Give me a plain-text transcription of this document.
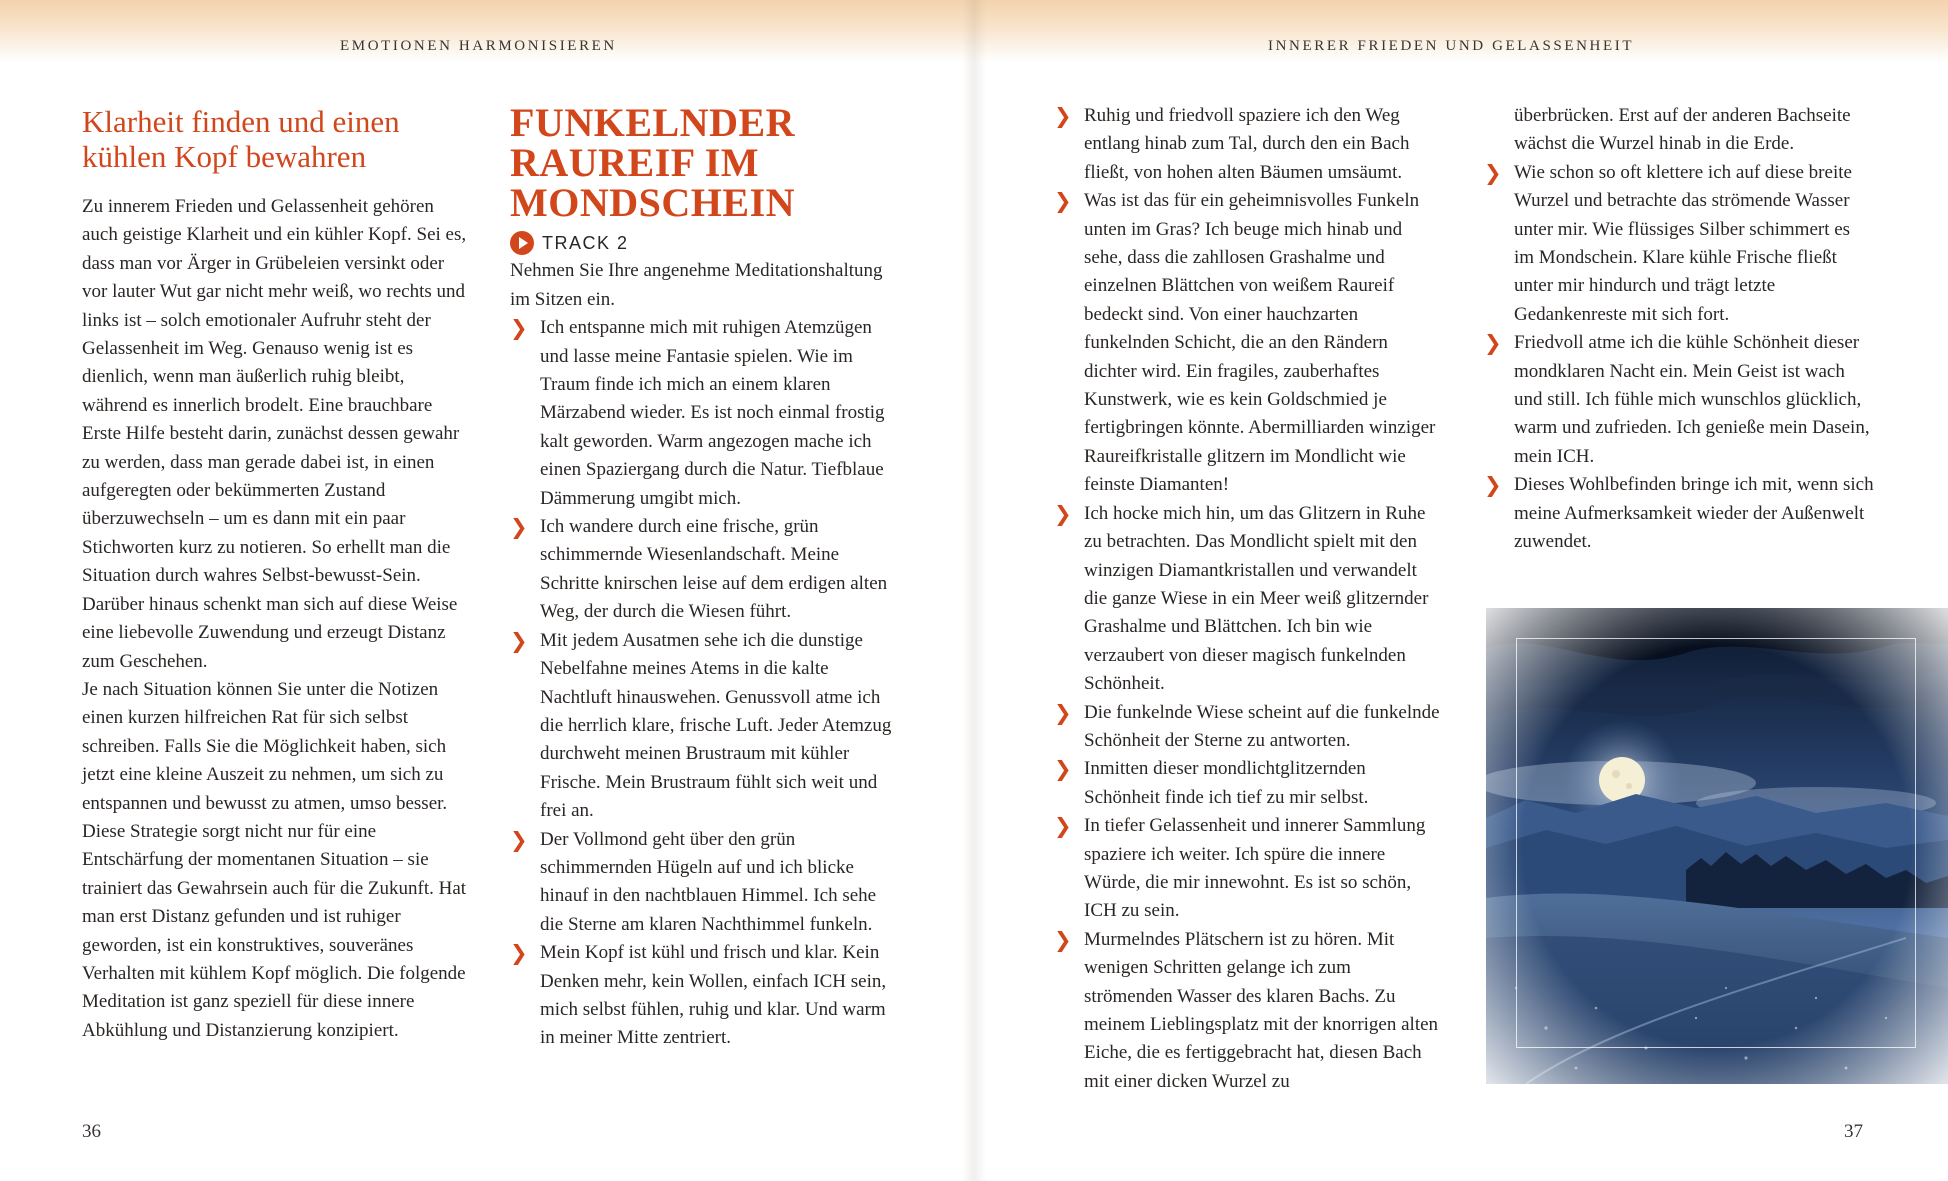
EMOTIONEN HARMONISIEREN
Klarheit finden und einen kühlen Kopf bewahren

Zu innerem Frieden und Gelassenheit gehören auch geistige Klarheit und ein kühler Kopf. Sei es, dass man vor Ärger in Grübeleien versinkt oder vor lauter Wut gar nicht mehr weiß, wo rechts und links ist – solch emotionaler Aufruhr steht der Gelassenheit im Weg. Genauso wenig ist es dienlich, wenn man äußerlich ruhig bleibt, während es innerlich brodelt. Eine brauchbare Erste Hilfe besteht darin, zunächst dessen gewahr zu werden, dass man gerade dabei ist, in einen aufgeregten oder bekümmerten Zustand überzuwechseln – um es dann mit ein paar Stichworten kurz zu notieren. So erhellt man die Situation durch wahres Selbst-bewusst-Sein. Darüber hinaus schenkt man sich auf diese Weise eine liebevolle Zuwendung und erzeugt Distanz zum Geschehen.

Je nach Situation können Sie unter die Notizen einen kurzen hilfreichen Rat für sich selbst schreiben. Falls Sie die Möglichkeit haben, sich jetzt eine kleine Auszeit zu nehmen, um sich zu entspannen und bewusst zu atmen, umso besser. Diese Strategie sorgt nicht nur für eine Entschärfung der momentanen Situation – sie trainiert das Gewahrsein auch für die Zukunft. Hat man erst Distanz gefunden und ist ruhiger geworden, ist ein konstruktives, souveränes Verhalten mit kühlem Kopf möglich. Die folgende Meditation ist ganz speziell für diese innere Abkühlung und Distanzierung konzipiert.

FUNKELNDER RAUREIF IM MONDSCHEIN
TRACK 2

Nehmen Sie Ihre angenehme Meditationshaltung im Sitzen ein.

❯ Ich entspanne mich mit ruhigen Atemzügen und lasse meine Fantasie spielen. Wie im Traum finde ich mich an einem klaren Märzabend wieder. Es ist noch einmal frostig kalt geworden. Warm angezogen mache ich einen Spaziergang durch die Natur. Tiefblaue Dämmerung umgibt mich.
❯ Ich wandere durch eine frische, grün schimmernde Wiesenlandschaft. Meine Schritte knirschen leise auf dem erdigen alten Weg, der durch die Wiesen führt.
❯ Mit jedem Ausatmen sehe ich die dunstige Nebelfahne meines Atems in die kalte Nachtluft hinauswehen. Genussvoll atme ich die herrlich klare, frische Luft. Jeder Atemzug durchweht meinen Brustraum mit kühler Frische. Mein Brustraum fühlt sich weit und frei an.
❯ Der Vollmond geht über den grün schimmernden Hügeln auf und ich blicke hinauf in den nachtblauen Himmel. Ich sehe die Sterne am klaren Nachthimmel funkeln.
❯ Mein Kopf ist kühl und frisch und klar. Kein Denken mehr, kein Wollen, einfach ICH sein, mich selbst fühlen, ruhig und klar. Und warm in meiner Mitte zentriert.
36
INNERER FRIEDEN UND GELASSENHEIT
❯ Ruhig und friedvoll spaziere ich den Weg entlang hinab zum Tal, durch den ein Bach fließt, von hohen alten Bäumen umsäumt.
❯ Was ist das für ein geheimnisvolles Funkeln unten im Gras? Ich beuge mich hinab und sehe, dass die zahllosen Grashalme und einzelnen Blättchen von weißem Raureif bedeckt sind. Von einer hauchzarten funkelnden Schicht, die an den Rändern dichter wird. Ein fragiles, zauberhaftes Kunstwerk, wie es kein Goldschmied je fertigbringen könnte. Abermilliarden winziger Raureifkristalle glitzern im Mondlicht wie feinste Diamanten!
❯ Ich hocke mich hin, um das Glitzern in Ruhe zu betrachten. Das Mondlicht spielt mit den winzigen Diamantkristallen und verwandelt die ganze Wiese in ein Meer weiß glitzernder Grashalme und Blättchen. Ich bin wie verzaubert von dieser magisch funkelnden Schönheit.
❯ Die funkelnde Wiese scheint auf die funkelnde Schönheit der Sterne zu antworten.
❯ Inmitten dieser mondlichtglitzernden Schönheit finde ich tief zu mir selbst.
❯ In tiefer Gelassenheit und innerer Sammlung spaziere ich weiter. Ich spüre die innere Würde, die mir innewohnt. Es ist so schön, ICH zu sein.
❯ Murmelndes Plätschern ist zu hören. Mit wenigen Schritten gelange ich zum strömenden Wasser des klaren Bachs. Zu meinem Lieblingsplatz mit der knorrigen alten Eiche, die es fertiggebracht hat, diesen Bach mit einer dicken Wurzel zu
überbrücken. Erst auf der anderen Bachseite wächst die Wurzel hinab in die Erde.
❯ Wie schon so oft klettere ich auf diese breite Wurzel und betrachte das strömende Wasser unter mir. Wie flüssiges Silber schimmert es im Mondschein. Klare kühle Frische fließt unter mir hindurch und trägt letzte Gedankenreste mit sich fort.
❯ Friedvoll atme ich die kühle Schönheit dieser mondklaren Nacht ein. Mein Geist ist wach und still. Ich fühle mich wunschlos glücklich, warm und zufrieden. Ich genieße mein Dasein, mein ICH.
❯ Dieses Wohlbefinden bringe ich mit, wenn sich meine Aufmerksamkeit wieder der Außenwelt zuwendet.
37
